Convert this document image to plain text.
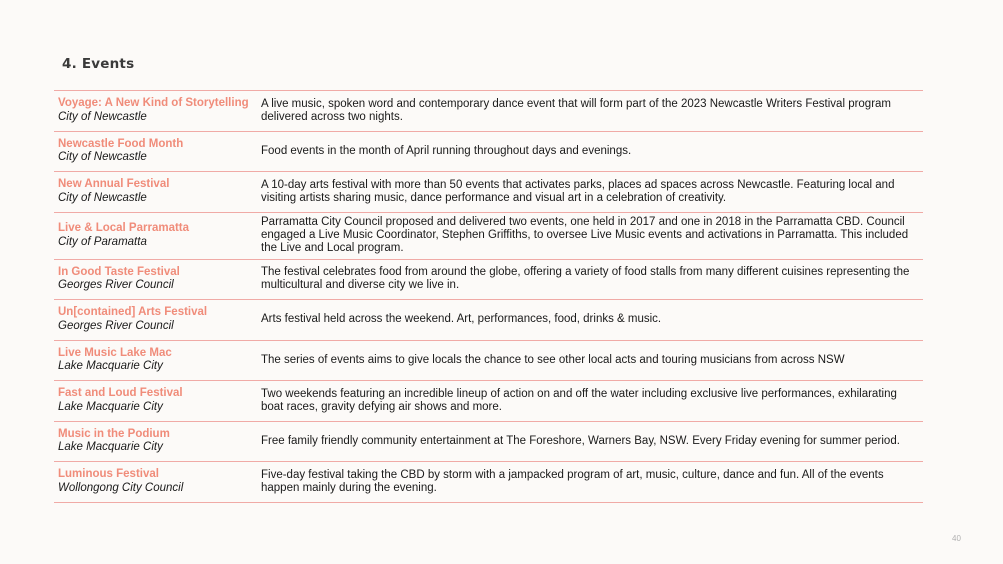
4. Events
Voyage: A New Kind of Storytelling
City of Newcastle
A live music, spoken word and contemporary dance event that will form part of the 2023 Newcastle Writers Festival program delivered across two nights.
Newcastle Food Month
City of Newcastle
Food events in the month of April running throughout days and evenings.
New Annual Festival
City of Newcastle
A 10-day arts festival with more than 50 events that activates parks, places ad spaces across Newcastle. Featuring local and visiting artists sharing music, dance performance and visual art in a celebration of creativity.
Live & Local Parramatta
City of Paramatta
Parramatta City Council proposed and delivered two events, one held in 2017 and one in 2018 in the Parramatta CBD. Council engaged a Live Music Coordinator, Stephen Griffiths, to oversee Live Music events and activations in Parramatta. This included the Live and Local program.
In Good Taste Festival
Georges River Council
The festival celebrates food from around the globe, offering a variety of food stalls from many different cuisines representing the multicultural and diverse city we live in.
Un[contained] Arts Festival
Georges River Council
Arts festival held across the weekend. Art, performances, food, drinks & music.
Live Music Lake Mac
Lake Macquarie City
The series of events aims to give locals the chance to see other local acts and touring musicians from across NSW
Fast and Loud Festival
Lake Macquarie City
Two weekends featuring an incredible lineup of action on and off the water including exclusive live performances, exhilarating boat races, gravity defying air shows and more.
Music in the Podium
Lake Macquarie City
Free family friendly community entertainment at The Foreshore, Warners Bay, NSW. Every Friday evening for summer period.
Luminous Festival
Wollongong City Council
Five-day festival taking the CBD by storm with a jampacked program of art, music, culture, dance and fun. All of the events happen mainly during the evening.
40
